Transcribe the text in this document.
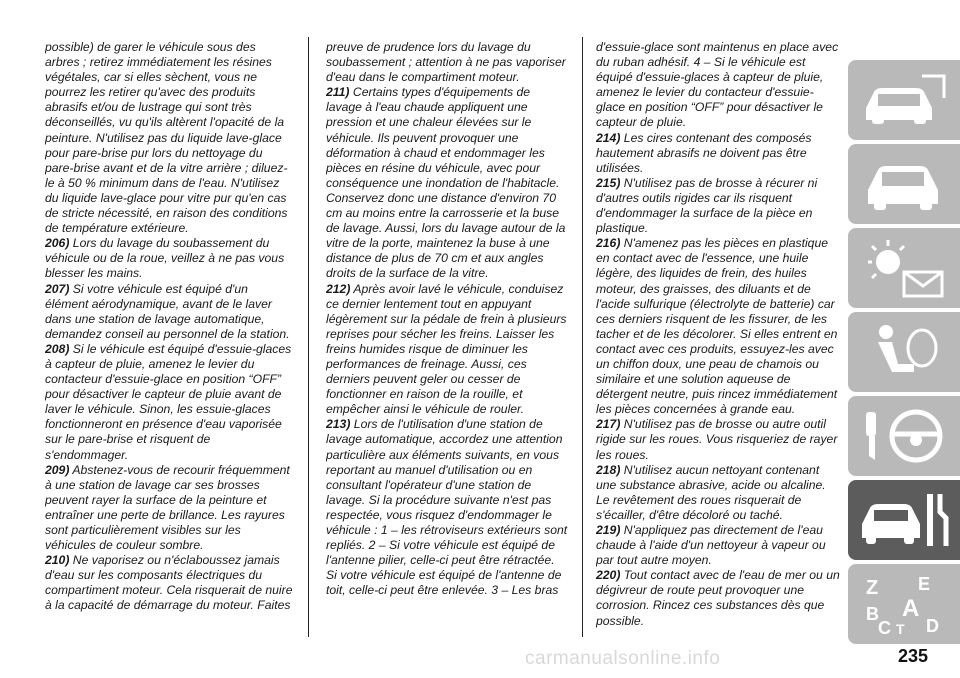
possible) de garer le véhicule sous des arbres ; retirez immédiatement les résines végétales, car si elles sèchent, vous ne pourrez les retirer qu'avec des produits abrasifs et/ou de lustrage qui sont très déconseillés, vu qu'ils altèrent l'opacité de la peinture. N'utilisez pas du liquide lave-glace pour pare-brise pur lors du nettoyage du pare-brise avant et de la vitre arrière ; diluez-le à 50 % minimum dans de l'eau. N'utilisez du liquide lave-glace pour vitre pur qu'en cas de stricte nécessité, en raison des conditions de température extérieure.

206) Lors du lavage du soubassement du véhicule ou de la roue, veillez à ne pas vous blesser les mains.

207) Si votre véhicule est équipé d'un élément aérodynamique, avant de le laver dans une station de lavage automatique, demandez conseil au personnel de la station.

208) Si le véhicule est équipé d'essuie-glaces à capteur de pluie, amenez le levier du contacteur d'essuie-glace en position “OFF” pour désactiver le capteur de pluie avant de laver le véhicule. Sinon, les essuie-glaces fonctionneront en présence d'eau vaporisée sur le pare-brise et risquent de s'endommager.

209) Abstenez-vous de recourir fréquemment à une station de lavage car ses brosses peuvent rayer la surface de la peinture et entraîner une perte de brillance. Les rayures sont particulièrement visibles sur les véhicules de couleur sombre.

210) Ne vaporisez ou n'éclaboussez jamais d'eau sur les composants électriques du compartiment moteur. Cela risquerait de nuire à la capacité de démarrage du moteur. Faites

preuve de prudence lors du lavage du soubassement ; attention à ne pas vaporiser d'eau dans le compartiment moteur.

211) Certains types d'équipements de lavage à l'eau chaude appliquent une pression et une chaleur élevées sur le véhicule. Ils peuvent provoquer une déformation à chaud et endommager les pièces en résine du véhicule, avec pour conséquence une inondation de l'habitacle. Conservez donc une distance d'environ 70 cm au moins entre la carrosserie et la buse de lavage. Aussi, lors du lavage autour de la vitre de la porte, maintenez la buse à une distance de plus de 70 cm et aux angles droits de la surface de la vitre.

212) Après avoir lavé le véhicule, conduisez ce dernier lentement tout en appuyant légèrement sur la pédale de frein à plusieurs reprises pour sécher les freins. Laisser les freins humides risque de diminuer les performances de freinage. Aussi, ces derniers peuvent geler ou cesser de fonctionner en raison de la rouille, et empêcher ainsi le véhicule de rouler.

213) Lors de l'utilisation d'une station de lavage automatique, accordez une attention particulière aux éléments suivants, en vous reportant au manuel d'utilisation ou en consultant l'opérateur d'une station de lavage. Si la procédure suivante n'est pas respectée, vous risquez d'endommager le véhicule : 1 – les rétroviseurs extérieurs sont repliés. 2 – Si votre véhicule est équipé de l'antenne pilier, celle-ci peut être rétractée. Si votre véhicule est équipé de l'antenne de toit, celle-ci peut être enlevée. 3 – Les bras

d'essuie-glace sont maintenus en place avec du ruban adhésif. 4 – Si le véhicule est équipé d'essuie-glaces à capteur de pluie, amenez le levier du contacteur d'essuie-glace en position “OFF” pour désactiver le capteur de pluie.

214) Les cires contenant des composés hautement abrasifs ne doivent pas être utilisées.

215) N'utilisez pas de brosse à récurer ni d'autres outils rigides car ils risquent d'endommager la surface de la pièce en plastique.

216) N'amenez pas les pièces en plastique en contact avec de l'essence, une huile légère, des liquides de frein, des huiles moteur, des graisses, des diluants et de l'acide sulfurique (électrolyte de batterie) car ces derniers risquent de les fissurer, de les tacher et de les décolorer. Si elles entrent en contact avec ces produits, essuyez-les avec un chiffon doux, une peau de chamois ou similaire et une solution aqueuse de détergent neutre, puis rincez immédiatement les pièces concernées à grande eau.

217) N'utilisez pas de brosse ou autre outil rigide sur les roues. Vous risqueriez de rayer les roues.

218) N'utilisez aucun nettoyant contenant une substance abrasive, acide ou alcaline. Le revêtement des roues risquerait de s'écailler, d'être décoloré ou taché.

219) N'appliquez pas directement de l'eau chaude à l'aide d'un nettoyeur à vapeur ou par tout autre moyen.

220) Tout contact avec de l'eau de mer ou un dégivreur de route peut provoquer une corrosion. Rincez ces substances dès que possible.

Z E
B A
C T D
carmanualsonline.info	235
